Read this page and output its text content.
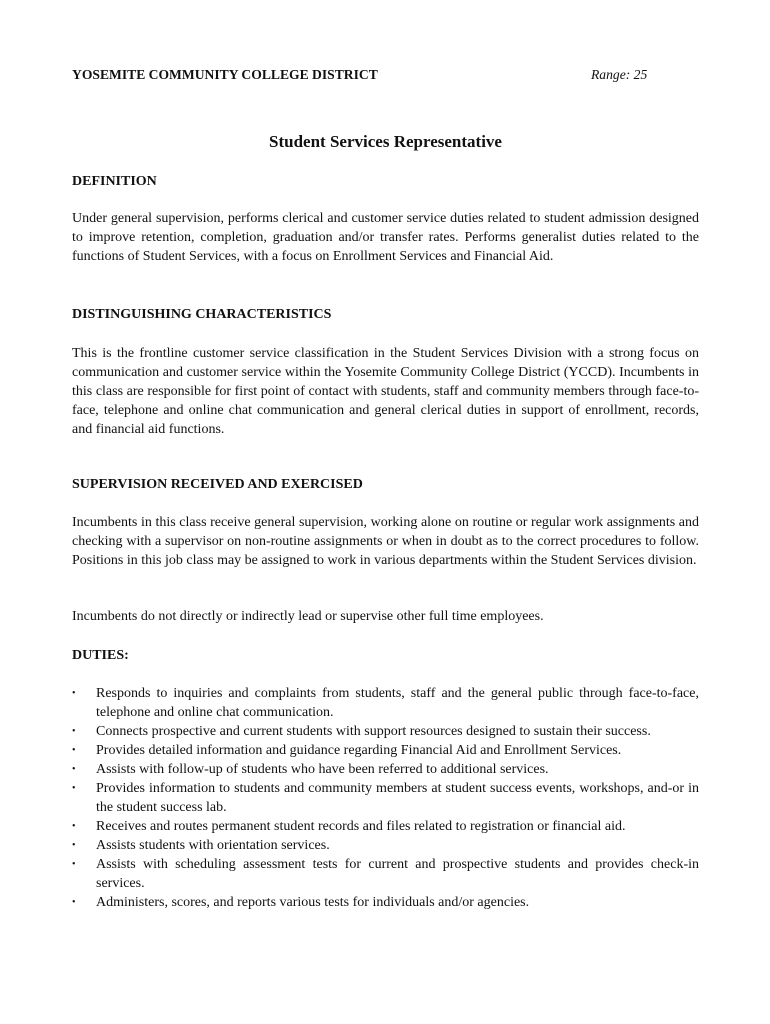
YOSEMITE COMMUNITY COLLEGE DISTRICT	Range: 25
Student Services Representative
DEFINITION

Under general supervision, performs clerical and customer service duties related to student admission designed to improve retention, completion, graduation and/or transfer rates. Performs generalist duties related to the functions of Student Services, with a focus on Enrollment Services and Financial Aid.

DISTINGUISHING CHARACTERISTICS

This is the frontline customer service classification in the Student Services Division with a strong focus on communication and customer service within the Yosemite Community College District (YCCD). Incumbents in this class are responsible for first point of contact with students, staff and community members through face-to-face, telephone and online chat communication and general clerical duties in support of enrollment, records, and financial aid functions.

SUPERVISION RECEIVED AND EXERCISED

Incumbents in this class receive general supervision, working alone on routine or regular work assignments and checking with a supervisor on non-routine assignments or when in doubt as to the correct procedures to follow. Positions in this job class may be assigned to work in various departments within the Student Services division.

Incumbents do not directly or indirectly lead or supervise other full time employees.

DUTIES:
• Responds to inquiries and complaints from students, staff and the general public through face-to-face, telephone and online chat communication.
• Connects prospective and current students with support resources designed to sustain their success.
• Provides detailed information and guidance regarding Financial Aid and Enrollment Services.
• Assists with follow-up of students who have been referred to additional services.
• Provides information to students and community members at student success events, workshops, and-or in the student success lab.
• Receives and routes permanent student records and files related to registration or financial aid.
• Assists students with orientation services.
• Assists with scheduling assessment tests for current and prospective students and provides check-in services.
• Administers, scores, and reports various tests for individuals and/or agencies.
